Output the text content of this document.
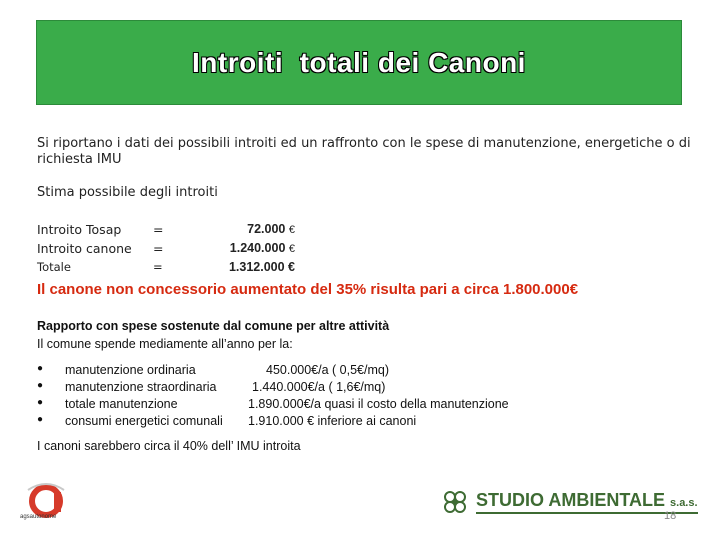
Introiti  totali dei Canoni
Si riportano i dati dei possibili introiti ed un raffronto con le spese di manutenzione, energetiche o di richiesta IMU
Stima possibile degli introiti
Introito Tosap	=	72.000 €
Introito canone =	1.240.000 €
Totale	=	1.312.000 €
Il canone non concessorio aumentato del 35% risulta pari a circa 1.800.000€
Rapporto con spese sostenute dal comune per altre attività
Il comune spende mediamente all’anno per la:
● manutenzione ordinaria	450.000€/a ( 0,5€/mq)
● manutenzione straordinaria	1.440.000€/a ( 1,6€/mq)
● totale manutenzione	1.890.000€/a quasi il costo della manutenzione
● consumi energetici comunali 1.910.000 € inferiore ai canoni
I canoni sarebbero circa il 40% dell’ IMU introita
agsautonome
STUDIO AMBIENTALE s.a.s.
18
